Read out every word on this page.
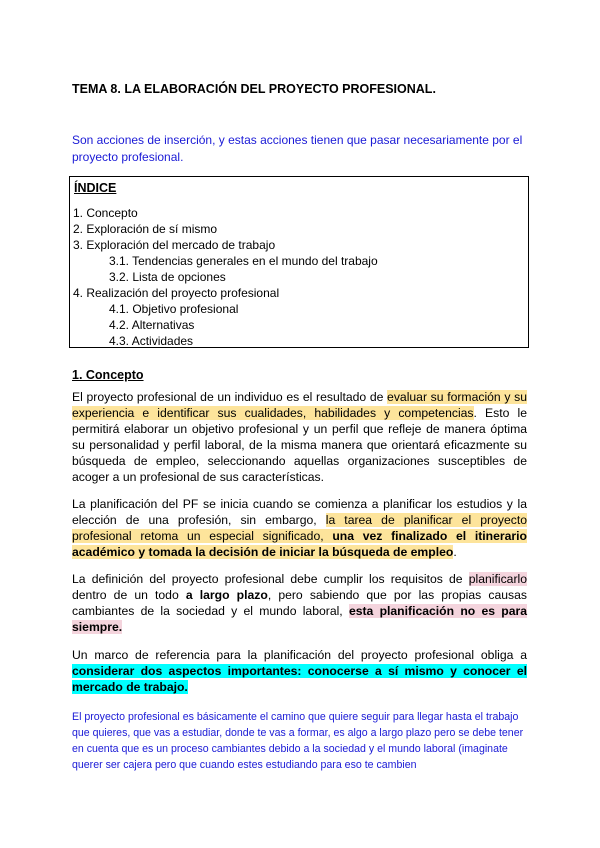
TEMA 8. LA ELABORACIÓN DEL PROYECTO PROFESIONAL.
Son acciones de inserción, y estas acciones tienen que pasar necesariamente por el proyecto profesional.
ÍNDICE
1. Concepto
2. Exploración de sí mismo
3. Exploración del mercado de trabajo
3.1. Tendencias generales en el mundo del trabajo
3.2. Lista de opciones
4. Realización del proyecto profesional
4.1. Objetivo profesional
4.2. Alternativas
4.3. Actividades
1. Concepto
El proyecto profesional de un individuo es el resultado de evaluar su formación y su experiencia e identificar sus cualidades, habilidades y competencias. Esto le permitirá elaborar un objetivo profesional y un perfil que refleje de manera óptima su personalidad y perfil laboral, de la misma manera que orientará eficazmente su búsqueda de empleo, seleccionando aquellas organizaciones susceptibles de acoger a un profesional de sus características.
La planificación del PF se inicia cuando se comienza a planificar los estudios y la elección de una profesión, sin embargo, la tarea de planificar el proyecto profesional retoma un especial significado, una vez finalizado el itinerario académico y tomada la decisión de iniciar la búsqueda de empleo.
La definición del proyecto profesional debe cumplir los requisitos de planificarlo dentro de un todo a largo plazo, pero sabiendo que por las propias causas cambiantes de la sociedad y el mundo laboral, esta planificación no es para siempre.
Un marco de referencia para la planificación del proyecto profesional obliga a considerar dos aspectos importantes: conocerse a sí mismo y conocer el mercado de trabajo.
El proyecto profesional es básicamente el camino que quiere seguir para llegar hasta el trabajo que quieres, que vas a estudiar, donde te vas a formar, es algo a largo plazo pero se debe tener en cuenta que es un proceso cambiantes debido a la sociedad y el mundo laboral (imaginate querer ser cajera pero que cuando estes estudiando para eso te cambien
